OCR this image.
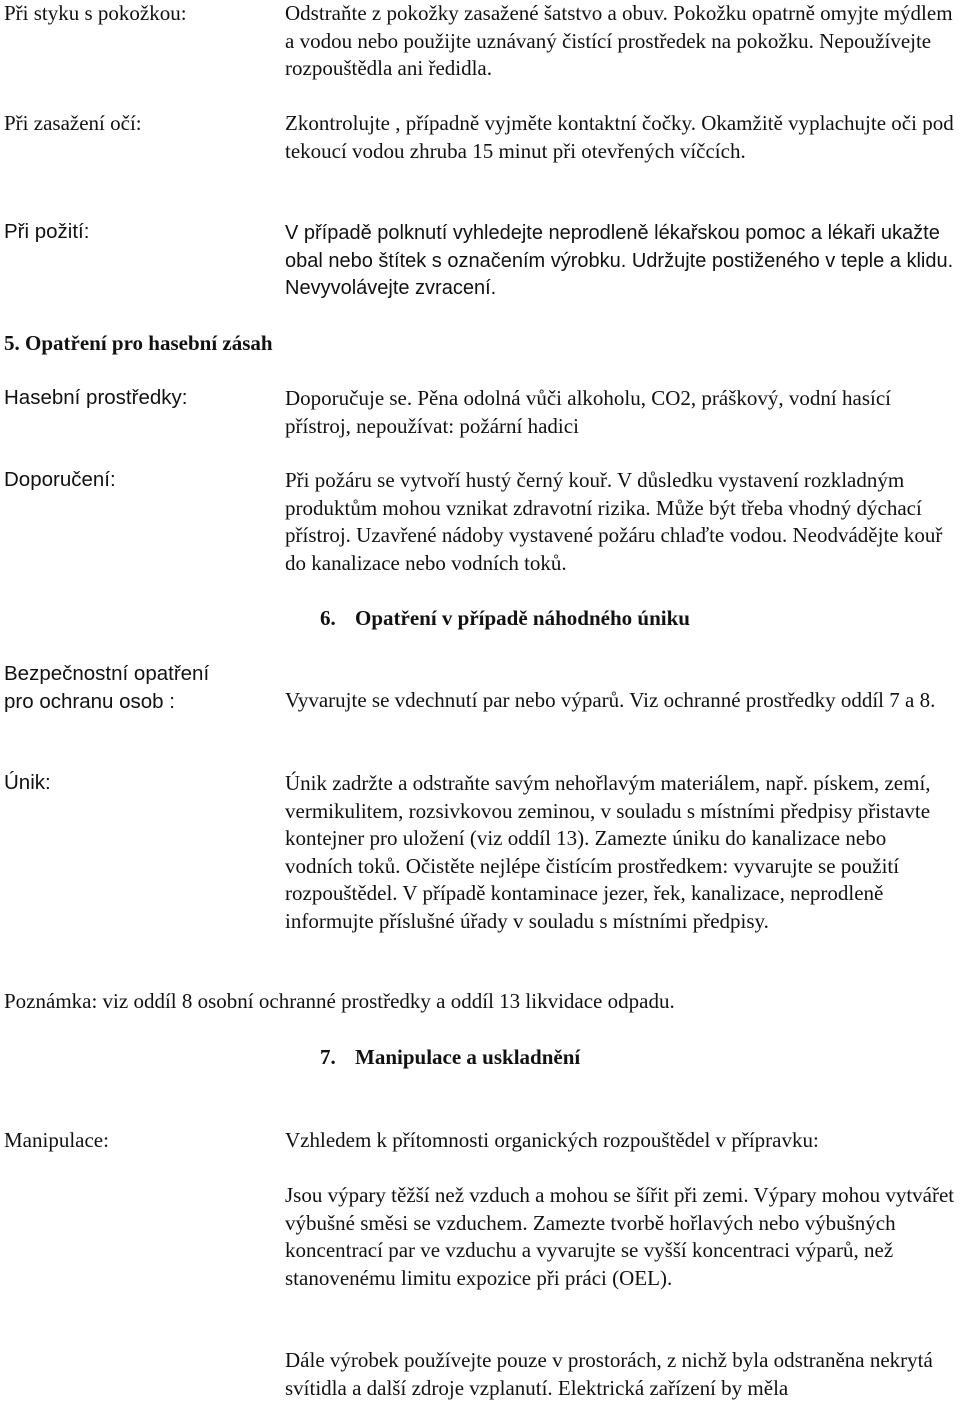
Při styku s pokožkou:	Odstraňte z pokožky zasažené šatstvo a obuv. Pokožku opatrně omyjte mýdlem a vodou nebo použijte uznávaný čistící prostředek na pokožku. Nepoužívejte rozpouštědla ani ředidla.
Při zasažení očí:	Zkontrolujte , případně vyjměte kontaktní čočky. Okamžitě vyplachujte oči pod tekoucí vodou zhruba 15 minut při otevřených víčcích.
Při požití:	V případě polknutí vyhledejte neprodleně lékařskou pomoc a lékaři ukažte obal nebo štítek s označením výrobku. Udržujte postiženého v teple a klidu. Nevyvolávejte zvracení.
5. Opatření pro hasební zásah
Hasební prostředky:	Doporučuje se. Pěna odolná vůči alkoholu, CO2, práškový, vodní hasící přístroj, nepoužívat: požární hadici
Doporučení:	Při požáru se vytvoří hustý černý kouř. V důsledku vystavení rozkladným produktům mohou vznikat zdravotní rizika. Může být třeba vhodný dýchací přístroj. Uzavřené nádoby vystavené požáru chlaďte vodou. Neodvádějte kouř do kanalizace nebo vodních toků.
6. Opatření v případě náhodného úniku
Bezpečnostní opatření
pro ochranu osob :	Vyvarujte se vdechnutí par nebo výparů. Viz ochranné prostředky oddíl 7 a 8.
Únik:	Únik zadržte a odstraňte savým nehořlavým materiálem, např. pískem, zemí, vermikulitem, rozsivkovou zeminou, v souladu s místními předpisy přistavte kontejner pro uložení (viz oddíl 13). Zamezte úniku do kanalizace nebo vodních toků. Očistěte nejlépe čistícím prostředkem: vyvarujte se použití rozpouštědel. V případě kontaminace jezer, řek, kanalizace, neprodleně informujte příslušné úřady v souladu s místními předpisy.
Poznámka: viz oddíl 8 osobní ochranné prostředky a oddíl 13 likvidace odpadu.
7. Manipulace a uskladnění
Manipulace:	Vzhledem k přítomnosti organických rozpouštědel v přípravku:
Jsou výpary těžší než vzduch a mohou se šířit při zemi. Výpary mohou vytvářet výbušné směsi se vzduchem. Zamezte tvorbě hořlavých nebo výbušných koncentrací par ve vzduchu a vyvarujte se vyšší koncentraci výparů, než stanovenému limitu expozice při práci (OEL).
Dále výrobek používejte pouze v prostorách, z nichž byla odstraněna nekrytá svítidla a další zdroje vzplanutí. Elektrická zařízení by měla
